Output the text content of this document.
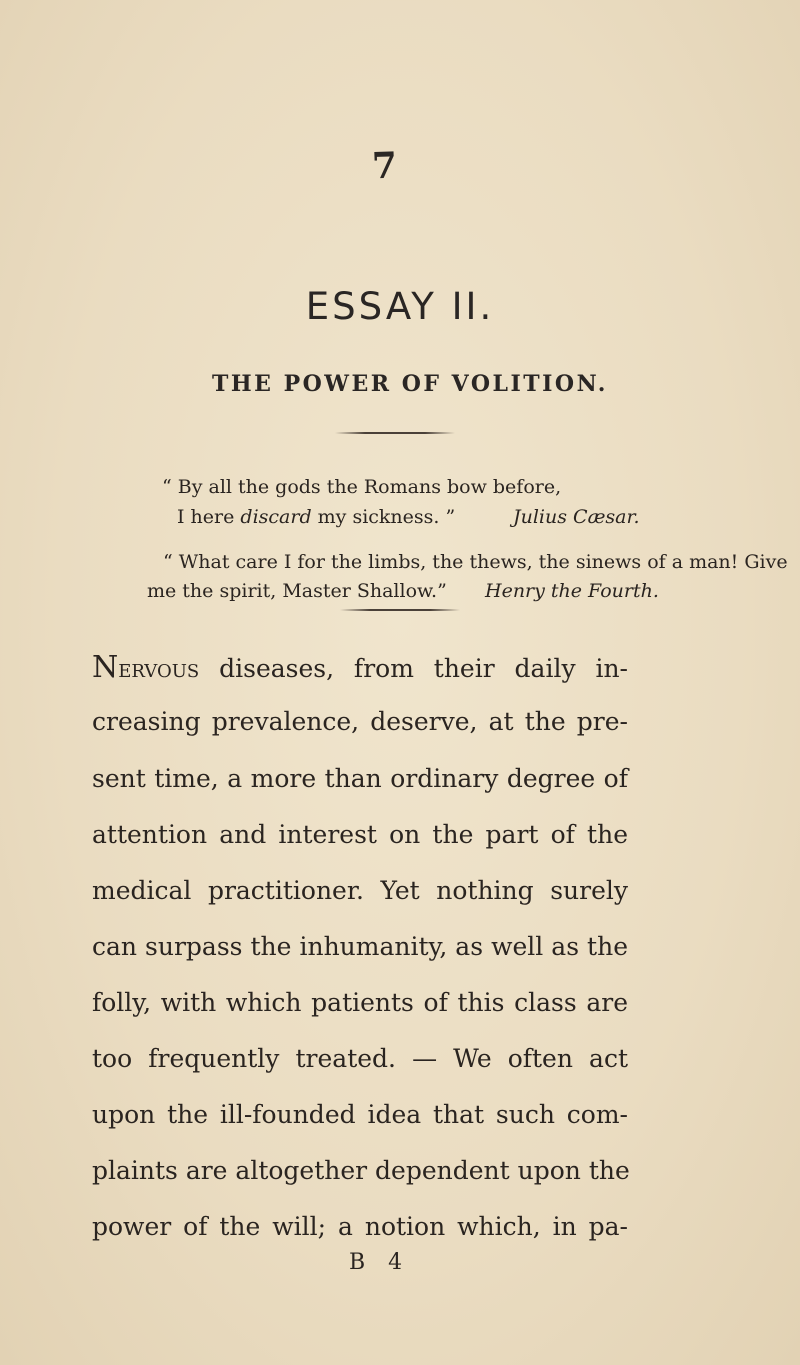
7
ESSAY II.
THE POWER OF VOLITION.
“ By all the gods the Romans bow before,
I here discard my sickness. ”	Julius Cæsar.
“ What care I for the limbs, the thews, the sinews of a man! Give
me the spirit, Master Shallow.” Henry the Fourth.
Nervous diseases, from their daily in-
creasing prevalence, deserve, at the pre-
sent time, a more than ordinary degree of
attention and interest on the part of the
medical practitioner. Yet nothing surely
can surpass the inhumanity, as well as the
folly, with which patients of this class are
too frequently treated. — We often act
upon the ill-founded idea that such com-
plaints are altogether dependent upon the
power of the will; a notion which, in pa-
B 4
